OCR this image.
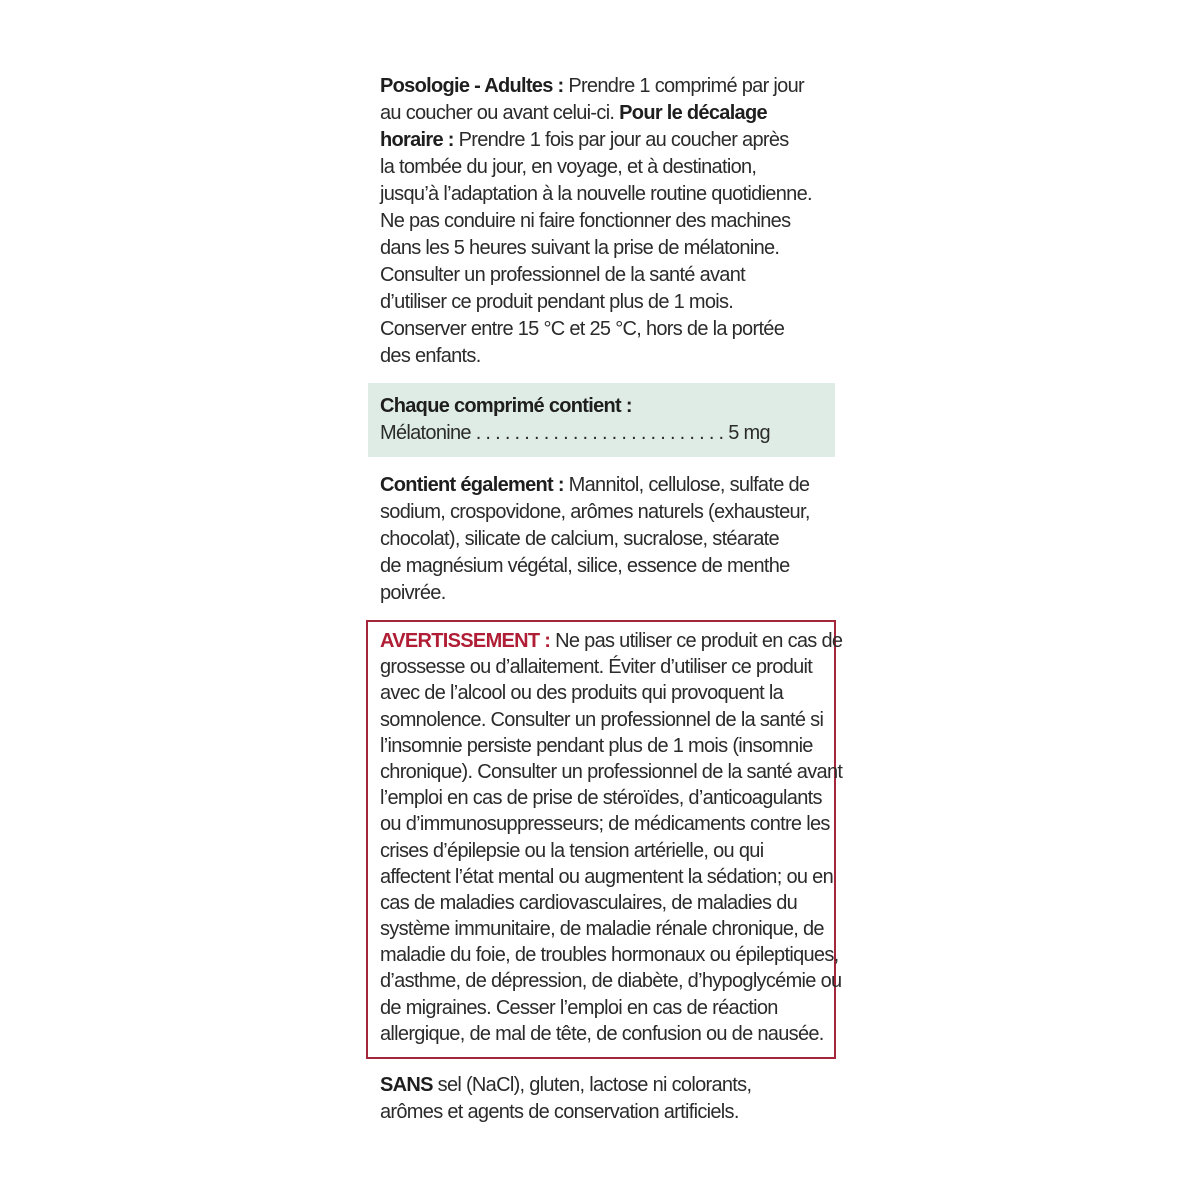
Posologie - Adultes : Prendre 1 comprimé par jour
au coucher ou avant celui-ci. Pour le décalage
horaire : Prendre 1 fois par jour au coucher après
la tombée du jour, en voyage, et à destination,
jusqu’à l’adaptation à la nouvelle routine quotidienne.
Ne pas conduire ni faire fonctionner des machines
dans les 5 heures suivant la prise de mélatonine.
Consulter un professionnel de la santé avant
d’utiliser ce produit pendant plus de 1 mois.
Conserver entre 15 °C et 25 °C, hors de la portée
des enfants.
Chaque comprimé contient :
Mélatonine . . . . . . . . . . . . . . . . . . . . . . . . . . 5 mg
Contient également : Mannitol, cellulose, sulfate de
sodium, crospovidone, arômes naturels (exhausteur,
chocolat), silicate de calcium, sucralose, stéarate
de magnésium végétal, silice, essence de menthe
poivrée.
AVERTISSEMENT : Ne pas utiliser ce produit en cas de
grossesse ou d’allaitement. Éviter d’utiliser ce produit
avec de l’alcool ou des produits qui provoquent la
somnolence. Consulter un professionnel de la santé si
l’insomnie persiste pendant plus de 1 mois (insomnie
chronique). Consulter un professionnel de la santé avant
l’emploi en cas de prise de stéroïdes, d’anticoagulants
ou d’immunosuppresseurs; de médicaments contre les
crises d’épilepsie ou la tension artérielle, ou qui
affectent l’état mental ou augmentent la sédation; ou en
cas de maladies cardiovasculaires, de maladies du
système immunitaire, de maladie rénale chronique, de
maladie du foie, de troubles hormonaux ou épileptiques,
d’asthme, de dépression, de diabète, d’hypoglycémie ou
de migraines. Cesser l’emploi en cas de réaction
allergique, de mal de tête, de confusion ou de nausée.
SANS sel (NaCl), gluten, lactose ni colorants,
arômes et agents de conservation artificiels.
